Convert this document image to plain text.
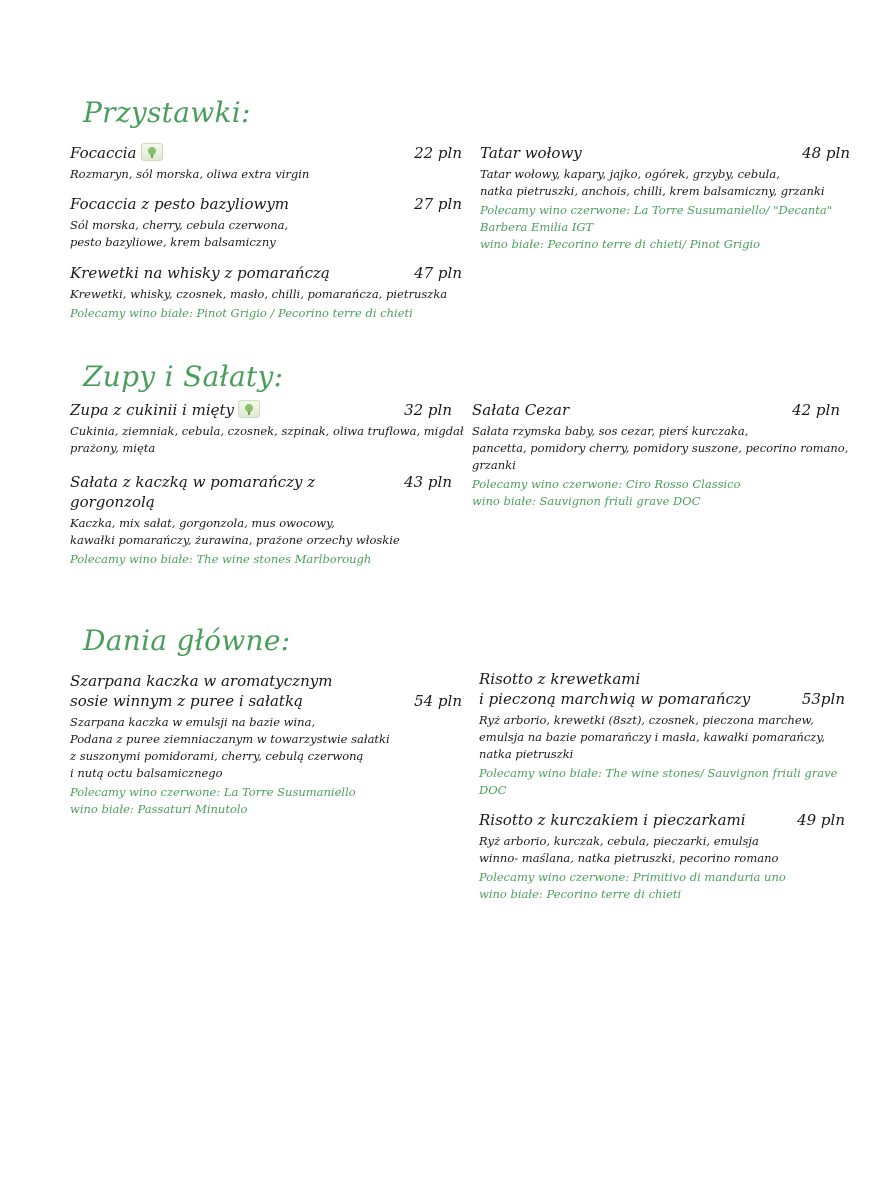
Przystawki:
Focaccia	22 pln
Rozmaryn, sól morska, oliwa extra virgin
Focaccia z pesto bazyliowym	27 pln
Sól morska, cherry, cebula czerwona,
pesto bazyliowe, krem balsamiczny
Krewetki na whisky z pomarańczą	47 pln
Krewetki, whisky, czosnek, masło, chilli, pomarańcza, pietruszka
Polecamy wino białe: Pinot Grigio / Pecorino terre di chieti
Tatar wołowy	48 pln
Tatar wołowy, kapary, jajko, ogórek, grzyby, cebula,
natka pietruszki, anchois, chilli, krem balsamiczny, grzanki
Polecamy wino czerwone: La Torre Susumaniello/ "Decanta"
Barbera Emilia IGT
wino białe: Pecorino terre di chieti/ Pinot Grigio
Zupy i Sałaty:
Zupa z cukinii i mięty	32 pln
Cukinia, ziemniak, cebula, czosnek, szpinak, oliwa truflowa, migdał
prażony, mięta
Sałata z kaczką w pomarańczy z gorgonzolą
43 pln
Kaczka, mix sałat, gorgonzola, mus owocowy,
kawałki pomarańczy, żurawina, prażone orzechy włoskie
Polecamy wino białe: The wine stones Marlborough
Sałata Cezar	42 pln
Sałata rzymska baby, sos cezar, pierś kurczaka,
pancetta, pomidory cherry, pomidory suszone, pecorino romano,
grzanki
Polecamy wino czerwone: Ciro Rosso Classico
wino białe: Sauvignon friuli grave DOC
Dania główne:
Szarpana kaczka w aromatycznym
sosie winnym z puree i sałatką	54 pln
Szarpana kaczka w emulsji na bazie wina,
Podana z puree ziemniaczanym w towarzystwie sałatki
z suszonymi pomidorami, cherry, cebulą czerwoną
i nutą octu balsamicznego
Polecamy wino czerwone: La Torre Susumaniello
wino białe: Passaturi Minutolo
Risotto z krewetkami
i pieczoną marchwią w pomarańczy	53pln
Ryż arborio, krewetki (8szt), czosnek, pieczona marchew,
emulsja na bazie pomarańczy i masła, kawałki pomarańczy,
natka pietruszki
Polecamy wino białe: The wine stones/ Sauvignon friuli grave
DOC
Risotto z kurczakiem i pieczarkami	49 pln
Ryż arborio, kurczak, cebula, pieczarki, emulsja
winno- maślana, natka pietruszki, pecorino romano
Polecamy wino czerwone: Primitivo di manduria uno
wino białe: Pecorino terre di chieti
